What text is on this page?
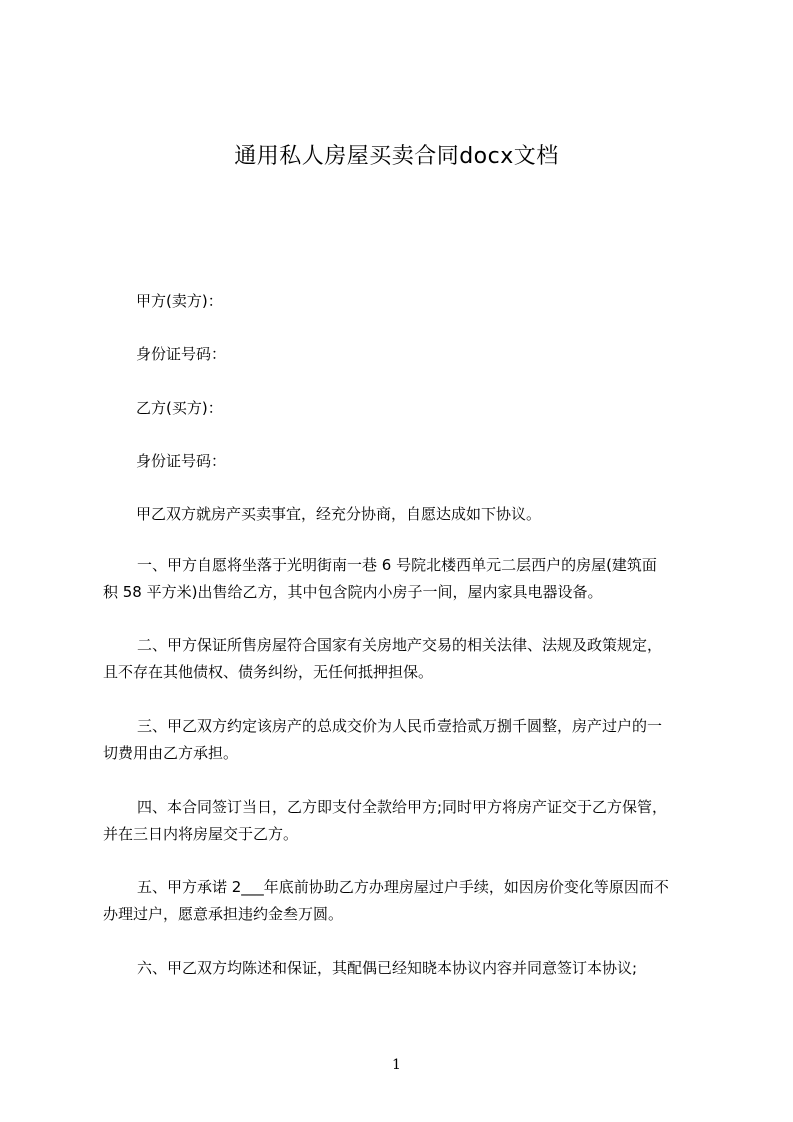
通用私人房屋买卖合同docx文档
甲方(卖方)：
身份证号码：
乙方(买方)：
身份证号码：
甲乙双方就房产买卖事宜，经充分协商，自愿达成如下协议。
一、甲方自愿将坐落于光明街南一巷 6 号院北楼西单元二层西户的房屋(建筑面
积 58 平方米)出售给乙方，其中包含院内小房子一间，屋内家具电器设备。
二、甲方保证所售房屋符合国家有关房地产交易的相关法律、法规及政策规定，
且不存在其他债权、债务纠纷，无任何抵押担保。
三、甲乙双方约定该房产的总成交价为人民币壹拾贰万捌千圆整，房产过户的一
切费用由乙方承担。
四、本合同签订当日，乙方即支付全款给甲方;同时甲方将房产证交于乙方保管，
并在三日内将房屋交于乙方。
五、甲方承诺 2___年底前协助乙方办理房屋过户手续，如因房价变化等原因而不
办理过户，愿意承担违约金叁万圆。
六、甲乙双方均陈述和保证，其配偶已经知晓本协议内容并同意签订本协议;
1
